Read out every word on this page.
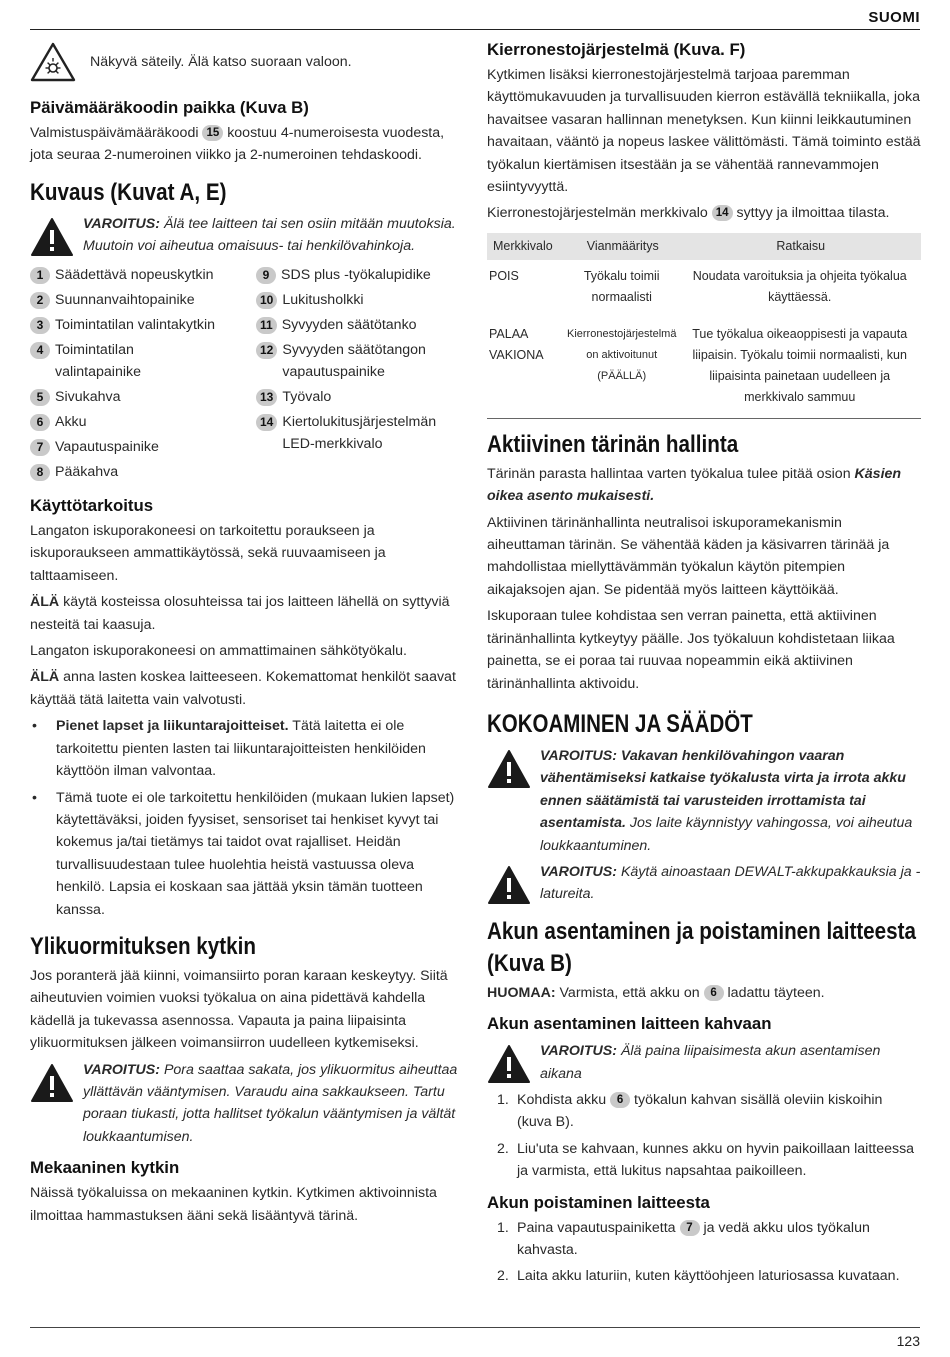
SUOMI
Näkyvä säteily. Älä katso suoraan valoon.
Päivämääräkoodin paikka (Kuva B)

Valmistuspäivämääräkoodi 15 koostuu 4-numeroisesta vuodesta, jota seuraa 2-numeroinen viikko ja 2-numeroinen tehdaskoodi.

Kuvaus (Kuvat A, E)
VAROITUS: Älä tee laitteen tai sen osiin mitään muutoksia. Muutoin voi aiheutua omaisuus- tai henkilövahinkoja.
1 Säädettävä nopeuskytkin
2 Suunnanvaihtopainike
3 Toimintatilan valintakytkin
4 Toimintatilan valintapainike
5 Sivukahva
6 Akku
7 Vapautuspainike
8 Pääkahva
9 SDS plus -työkalupidike
10 Lukitusholkki
11 Syvyyden säätötanko
12 Syvyyden säätötangon vapautuspainike
13 Työvalo
14 Kiertolukitusjärjestelmän LED-merkkivalo
Käyttötarkoitus

Langaton iskuporakoneesi on tarkoitettu poraukseen ja iskuporaukseen ammattikäytössä, sekä ruuvaamiseen ja talttaamiseen.

ÄLÄ käytä kosteissa olosuhteissa tai jos laitteen lähellä on syttyviä nesteitä tai kaasuja.

Langaton iskuporakoneesi on ammattimainen sähkötyökalu.

ÄLÄ anna lasten koskea laitteeseen. Kokemattomat henkilöt saavat käyttää tätä laitetta vain valvotusti.

•	Pienet lapset ja liikuntarajoitteiset. Tätä laitetta ei ole tarkoitettu pienten lasten tai liikuntarajoitteisten henkilöiden käyttöön ilman valvontaa.
•	Tämä tuote ei ole tarkoitettu henkilöiden (mukaan lukien lapset) käytettäväksi, joiden fyysiset, sensoriset tai henkiset kyvyt tai kokemus ja/tai tietämys tai taidot ovat rajalliset. Heidän turvallisuudestaan tulee huolehtia heistä vastuussa oleva henkilö. Lapsia ei koskaan saa jättää yksin tämän tuotteen kanssa.
Ylikuormituksen kytkin

Jos poranterä jää kiinni, voimansiirto poran karaan keskeytyy. Siitä aiheutuvien voimien vuoksi työkalua on aina pidettävä kahdella kädellä ja tukevassa asennossa. Vapauta ja paina liipaisinta ylikuormituksen jälkeen voimansiirron uudelleen kytkemiseksi.

VAROITUS: Pora saattaa sakata, jos ylikuormitus aiheuttaa yllättävän vääntymisen. Varaudu aina sakkaukseen. Tartu poraan tiukasti, jotta hallitset työkalun vääntymisen ja vältät loukkaantumisen.
Mekaaninen kytkin

Näissä työkaluissa on mekaaninen kytkin. Kytkimen aktivoinnista ilmoittaa hammastuksen ääni sekä lisääntyvä tärinä.

Kierronestojärjestelmä (Kuva. F)

Kytkimen lisäksi kierronestojärjestelmä tarjoaa paremman käyttömukavuuden ja turvallisuuden kierron estävällä tekniikalla, joka havaitsee vasaran hallinnan menetyksen. Kun kiinni leikkautuminen havaitaan, vääntö ja nopeus laskee välittömästi. Tämä toiminto estää työkalun kiertämisen itsestään ja se vähentää rannevammojen esiintyvyyttä.

Kierronestojärjestelmän merkkivalo 14 syttyy ja ilmoittaa tilasta.

Merkkivalo	Vianmääritys	Ratkaisu
POIS	Työkalu toimii normaalisti	Noudata varoituksia ja ohjeita työkalua käyttäessä.

PALAA
VAKIONA	Kierronestojärjestelmä on aktivoitunut (PÄÄLLÄ)	Tue työkalua oikeaoppisesti ja vapauta liipaisin. Työkalu toimii normaalisti, kun liipaisinta painetaan uudelleen ja merkkivalo sammuu
Aktiivinen tärinän hallinta

Tärinän parasta hallintaa varten työkalua tulee pitää osion Käsien oikea asento mukaisesti.

Aktiivinen tärinänhallinta neutralisoi iskuporamekanismin aiheuttaman tärinän. Se vähentää käden ja käsivarren tärinää ja mahdollistaa miellyttävämmän työkalun käytön pitempien aikajaksojen ajan. Se pidentää myös laitteen käyttöikää.

Iskuporaan tulee kohdistaa sen verran painetta, että aktiivinen tärinänhallinta kytkeytyy päälle. Jos työkaluun kohdistetaan liikaa painetta, se ei poraa tai ruuvaa nopeammin eikä aktiivinen tärinänhallinta aktivoidu.

KOKOAMINEN JA SÄÄDÖT
VAROITUS: Vakavan henkilövahingon vaaran vähentämiseksi katkaise työkalusta virta ja irrota akku ennen säätämistä tai varusteiden irrottamista tai asentamista. Jos laite käynnistyy vahingossa, voi aiheutua loukkaantuminen.
VAROITUS: Käytä ainoastaan DEWALT-akkupakkauksia ja -latureita.
Akun asentaminen ja poistaminen laitteesta (Kuva B)

HUOMAA: Varmista, että akku on 6 ladattu täyteen.

Akun asentaminen laitteen kahvaan
VAROITUS: Älä paina liipaisimesta akun asentamisen aikana
1. Kohdista akku 6 työkalun kahvan sisällä oleviin kiskoihin (kuva B).
2. Liu'uta se kahvaan, kunnes akku on hyvin paikoillaan laitteessa ja varmista, että lukitus napsahtaa paikoilleen.
Akun poistaminen laitteesta
1. Paina vapautuspainiketta 7 ja vedä akku ulos työkalun kahvasta.
2. Laita akku laturiin, kuten käyttöohjeen laturiosassa kuvataan.
123
